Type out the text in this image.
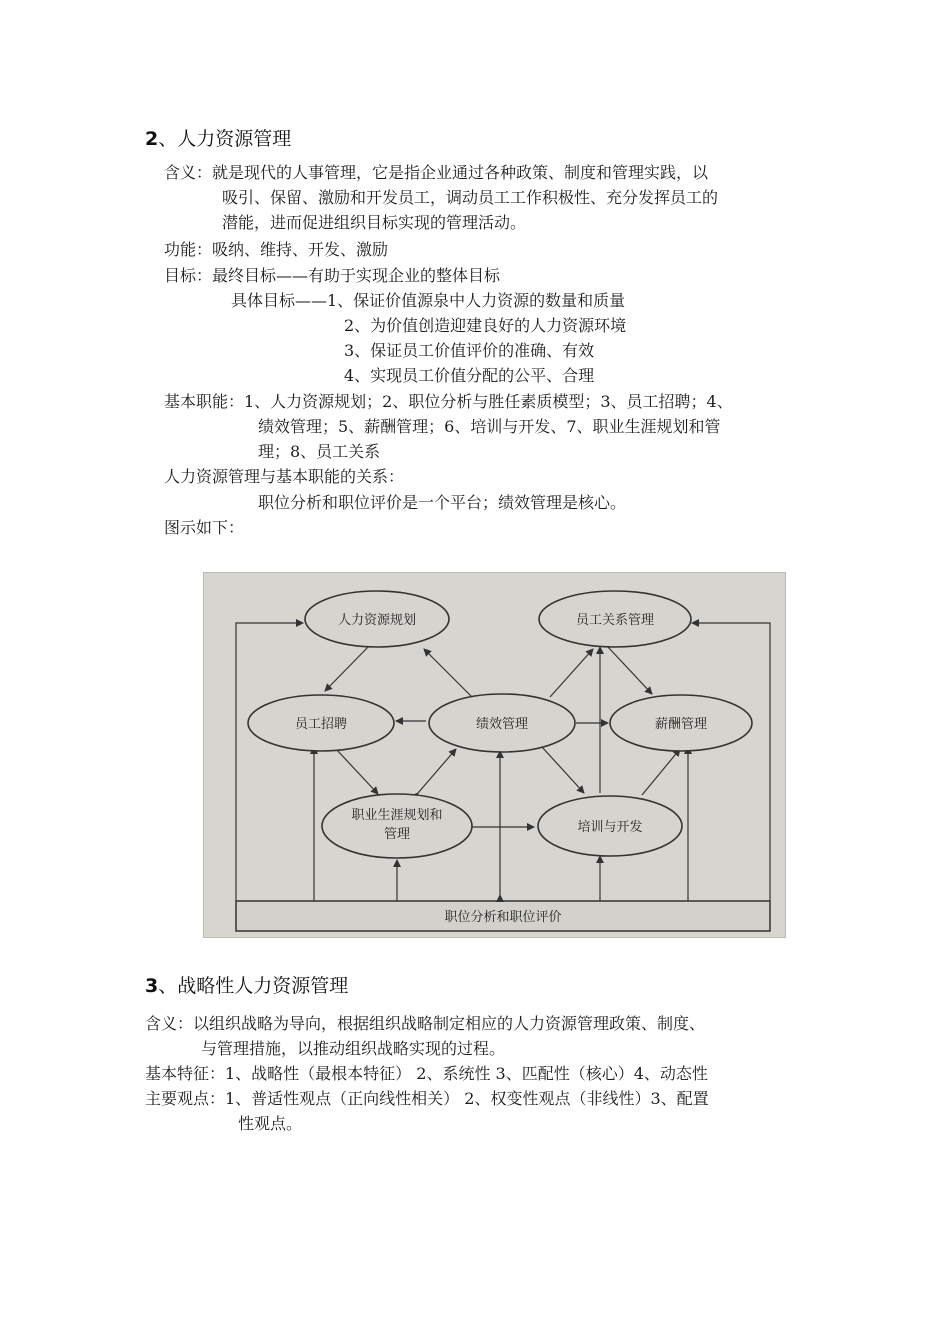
2、人力资源管理
含义：就是现代的人事管理，它是指企业通过各种政策、制度和管理实践，以
吸引、保留、激励和开发员工，调动员工工作积极性、充分发挥员工的
潜能，进而促进组织目标实现的管理活动。
功能：吸纳、维持、开发、激励
目标：最终目标——有助于实现企业的整体目标
具体目标——1、保证价值源泉中人力资源的数量和质量
2、为价值创造迎建良好的人力资源环境
3、保证员工价值评价的准确、有效
4、实现员工价值分配的公平、合理
基本职能：1、人力资源规划；2、职位分析与胜任素质模型；3、员工招聘；4、
绩效管理；5、薪酬管理；6、培训与开发、7、职业生涯规划和管
理；8、员工关系
人力资源管理与基本职能的关系：
职位分析和职位评价是一个平台；绩效管理是核心。
图示如下：
职位分析和职位评价
人力资源规划	员工关系管理
员工招聘	绩效管理	薪酬管理
职业生涯规划和
管理	培训与开发
3、战略性人力资源管理
含义：以组织战略为导向，根据组织战略制定相应的人力资源管理政策、制度、
与管理措施，以推动组织战略实现的过程。
基本特征：1、战略性（最根本特征） 2、系统性 3、匹配性（核心）4、动态性
主要观点：1、普适性观点（正向线性相关） 2、权变性观点（非线性）3、配置
性观点。
